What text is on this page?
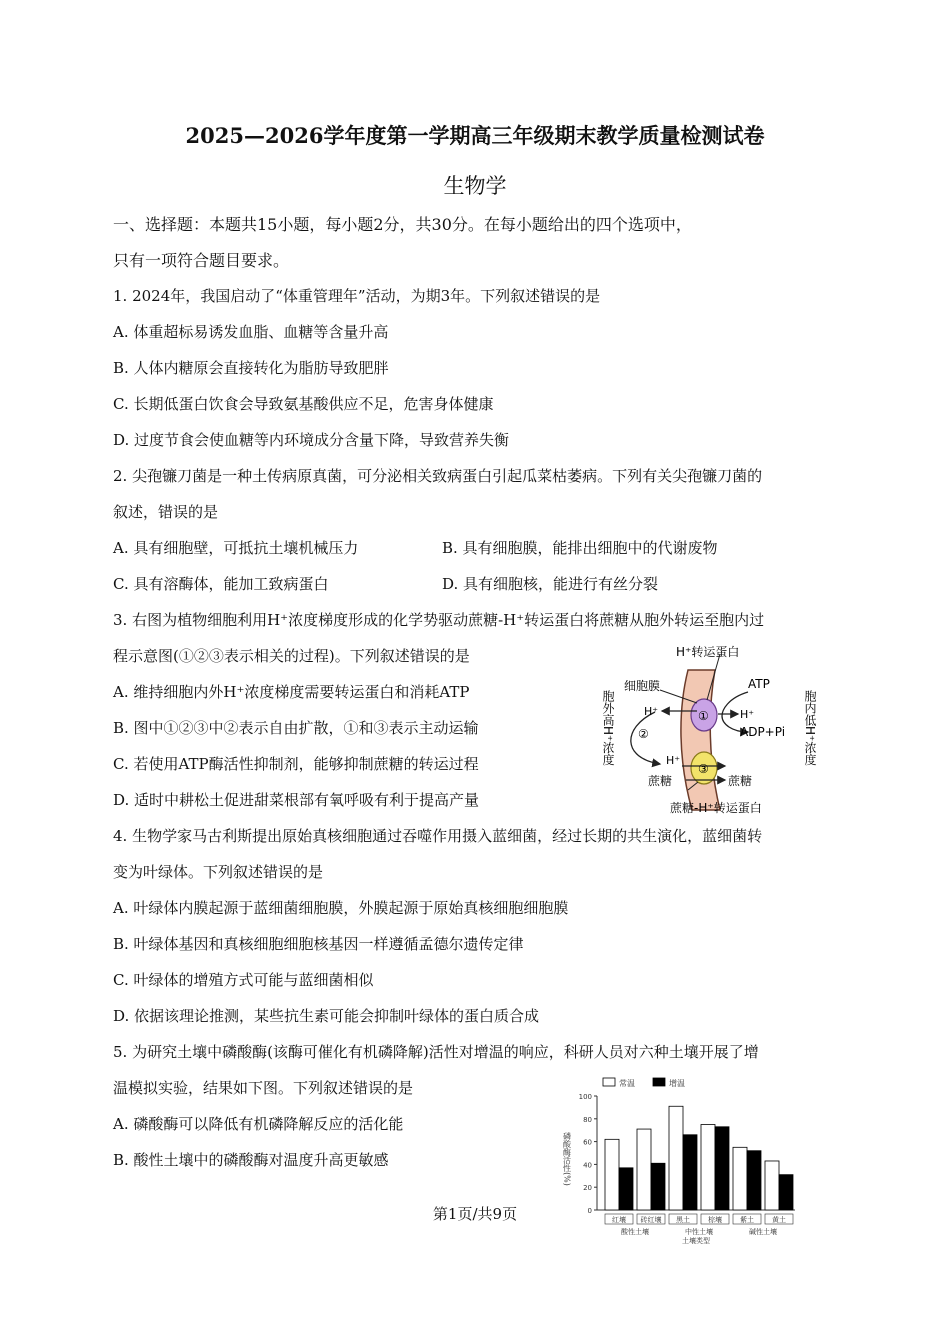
2025—2026学年度第一学期高三年级期末教学质量检测试卷
生物学
一、选择题：本题共15小题，每小题2分，共30分。在每小题给出的四个选项中，
只有一项符合题目要求。
1. 2024年，我国启动了“体重管理年”活动，为期3年。下列叙述错误的是
A. 体重超标易诱发血脂、血糖等含量升高
B. 人体内糖原会直接转化为脂肪导致肥胖
C. 长期低蛋白饮食会导致氨基酸供应不足，危害身体健康
D. 过度节食会使血糖等内环境成分含量下降，导致营养失衡
2. 尖孢镰刀菌是一种土传病原真菌，可分泌相关致病蛋白引起瓜菜枯萎病。下列有关尖孢镰刀菌的
叙述，错误的是
A. 具有细胞壁，可抵抗土壤机械压力	B. 具有细胞膜，能排出细胞中的代谢废物
C. 具有溶酶体，能加工致病蛋白	D. 具有细胞核，能进行有丝分裂
3. 右图为植物细胞利用H⁺浓度梯度形成的化学势驱动蔗糖-H⁺转运蛋白将蔗糖从胞外转运至胞内过
程示意图(①②③表示相关的过程)。下列叙述错误的是
A. 维持细胞内外H⁺浓度梯度需要转运蛋白和消耗ATP
B. 图中①②③中②表示自由扩散，①和③表示主动运输
C. 若使用ATP酶活性抑制剂，能够抑制蔗糖的转运过程
D. 适时中耕松土促进甜菜根部有氧呼吸有利于提高产量
H⁺转运蛋白
细胞膜	ATP
H⁺	H⁺
①
②
③
ADP+Pi
H⁺
蔗糖	蔗糖
蔗糖-H⁺转运蛋白
胞外高H⁺浓度	胞内低H⁺浓度
4. 生物学家马古利斯提出原始真核细胞通过吞噬作用摄入蓝细菌，经过长期的共生演化，蓝细菌转
变为叶绿体。下列叙述错误的是
A. 叶绿体内膜起源于蓝细菌细胞膜，外膜起源于原始真核细胞细胞膜
B. 叶绿体基因和真核细胞细胞核基因一样遵循孟德尔遗传定律
C. 叶绿体的增殖方式可能与蓝细菌相似
D. 依据该理论推测，某些抗生素可能会抑制叶绿体的蛋白质合成
5. 为研究土壤中磷酸酶(该酶可催化有机磷降解)活性对增温的响应，科研人员对六种土壤开展了增
温模拟实验，结果如下图。下列叙述错误的是
A. 磷酸酶可以降低有机磷降解反应的活化能
B. 酸性土壤中的磷酸酶对温度升高更敏感
0
20
40
60
80
100
磷酸酶活性(%)
常温	增温
红壤 砖红壤 黑土	棕壤	紫土	黄土
酸性土壤	中性土壤	碱性土壤
土壤类型
第1页/共9页
